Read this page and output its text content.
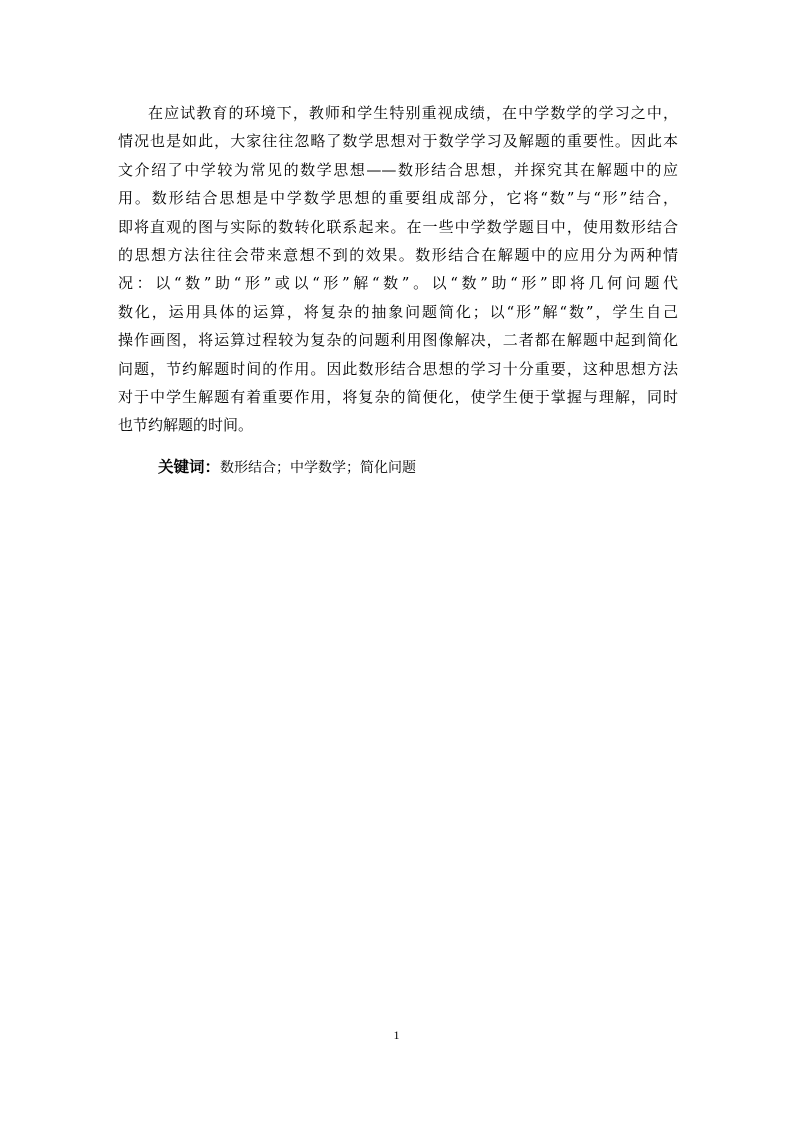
在应试教育的环境下，教师和学生特别重视成绩，在中学数学的学习之中，
情况也是如此，大家往往忽略了数学思想对于数学学习及解题的重要性。因此本
文介绍了中学较为常见的数学思想——数形结合思想，并探究其在解题中的应
用。数形结合思想是中学数学思想的重要组成部分，它将“数”与“形”结合，
即将直观的图与实际的数转化联系起来。在一些中学数学题目中，使用数形结合
的思想方法往往会带来意想不到的效果。数形结合在解题中的应用分为两种情
况：以“数”助“形”或以“形”解“数”。以“数”助“形”即将几何问题代
数化，运用具体的运算，将复杂的抽象问题简化；以“形”解“数”，学生自己
操作画图，将运算过程较为复杂的问题利用图像解决，二者都在解题中起到简化
问题，节约解题时间的作用。因此数形结合思想的学习十分重要，这种思想方法
对于中学生解题有着重要作用，将复杂的简便化，使学生便于掌握与理解，同时
也节约解题的时间。
关键词：数形结合；中学数学；简化问题
1
